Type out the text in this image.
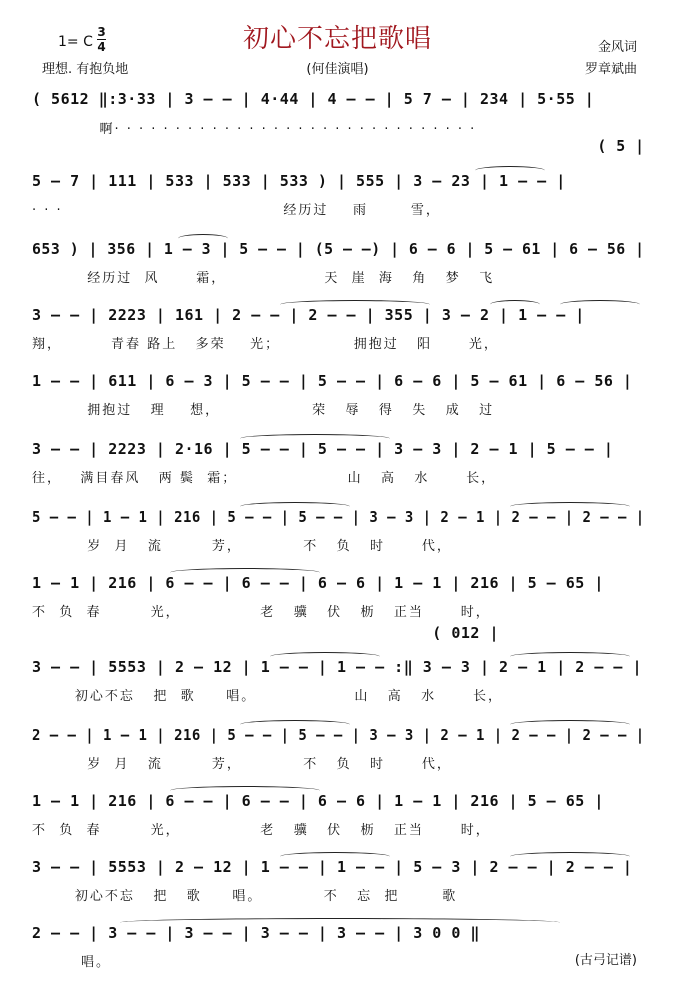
初心不忘把歌唱
1= C
3
4
理想. 有抱负地	(何佳演唱)
金风词
罗章斌曲
( 5612 ‖:3·33 | 3 — — | 4·44 | 4 — — | 5 7 — | 234 | 5·55 |
啊· · · · · · · · · · · · · · · · · · · · · · · · · · · · · ·
( 5 |
5 — 7 | 111 | 533 | 533 | 533 ) | 555 | 3 — 23 | 1 — — |
· · ·                                    经历过    雨       雪，
653 ) | 356 | 1 — 3 | 5 — — | (5 — —) | 6 — 6 | 5 — 61 | 6 — 56 |
经历过  风      霜，                天  崖  海   角   梦   飞
3 — — | 2223 | 161 | 2 — — | 2 — — | 355 | 3 — 2 | 1 — — |
翔，        青春 路上   多荣    光；            拥抱过   阳      光，
1 — — | 611 | 6 — 3 | 5 — — | 5 — — | 6 — 6 | 5 — 61 | 6 — 56 |
拥抱过   理    想，               荣   辱   得   失   成   过
3 — — | 2223 | 2·16 | 5 — — | 5 — — | 3 — 3 | 2 — 1 | 5 — — |
往，   满目春风   两 鬓  霜；                  山   高   水      长，
5 — — | 1 — 1 | 216 | 5 — — | 5 — — | 3 — 3 | 2 — 1 | 2 — — | 2 — — |
岁  月   流        芳，          不   负   时      代，
1 — 1 | 216 | 6 — — | 6 — — | 6 — 6 | 1 — 1 | 216 | 5 — 65 |
不  负  春        光，             老   骥   伏   枥   正当      时，
( 012 |
3 — — | 5553 | 2 — 12 | 1 — — | 1 — — :‖ 3 — 3 | 2 — 1 | 2 — — |
初心不忘   把  歌     唱。                山   高   水      长，
2 — — | 1 — 1 | 216 | 5 — — | 5 — — | 3 — 3 | 2 — 1 | 2 — — | 2 — — |
岁  月   流        芳，          不   负   时      代，
1 — 1 | 216 | 6 — — | 6 — — | 6 — 6 | 1 — 1 | 216 | 5 — 65 |
不  负  春        光，             老   骥   伏   枥   正当      时，
3 — — | 5553 | 2 — 12 | 1 — — | 1 — — | 5 — 3 | 2 — — | 2 — — |
初心不忘   把   歌     唱。          不   忘  把       歌
2 — — | 3 — — | 3 — — | 3 — — | 3 — — | 3 0 0 ‖
唱。	(古弓记谱)
